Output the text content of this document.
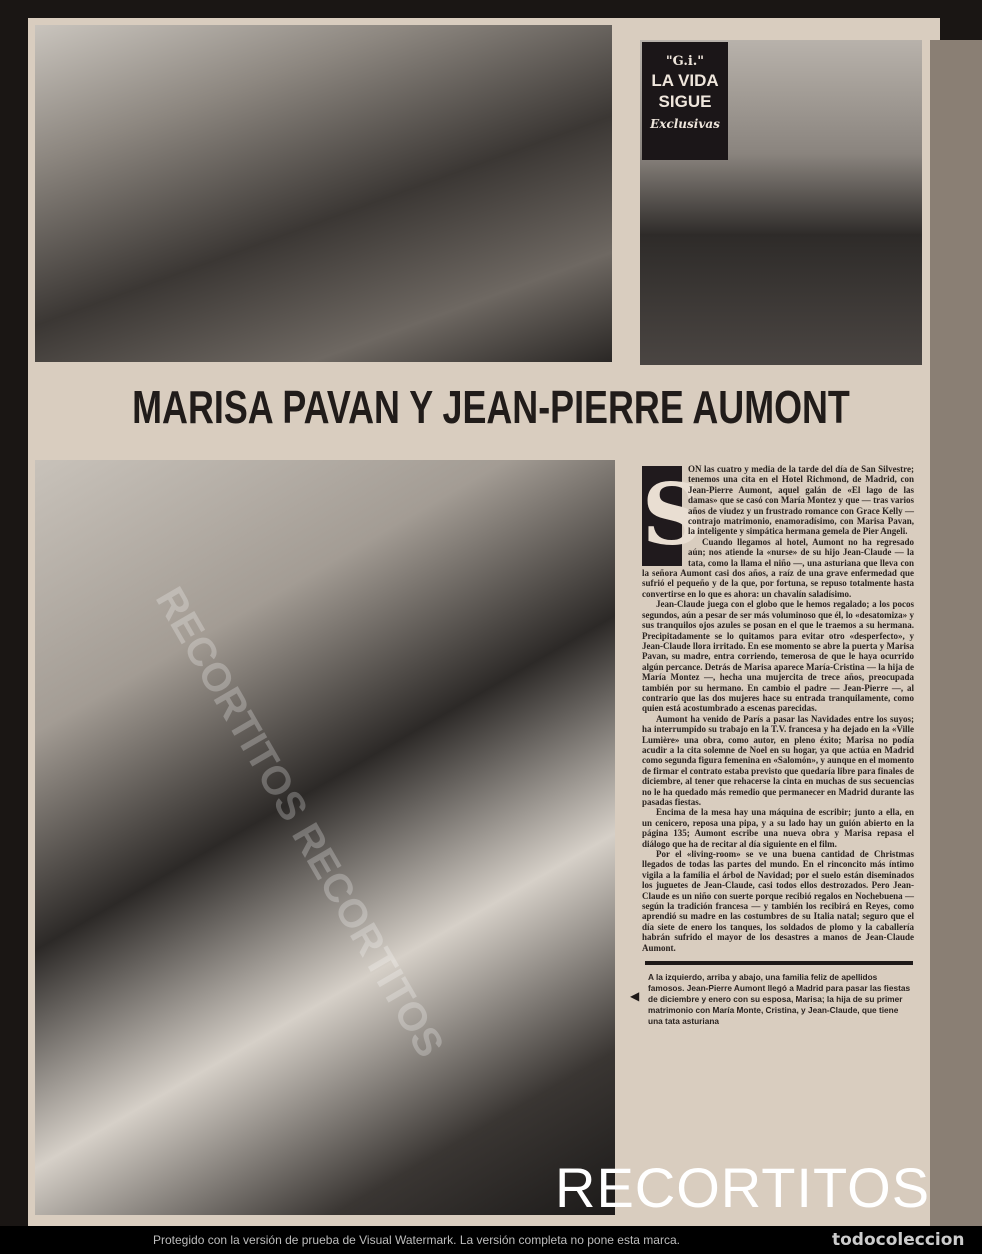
"G.i."
LA VIDA
SIGUE
Exclusivas
MARISA PAVAN Y JEAN-PIERRE AUMONT
RECORTITOS RECORTITOS
S

ON las cuatro y media de la tarde del día de San Silvestre; tenemos una cita en el Hotel Richmond, de Madrid, con Jean-Pierre Aumont, aquel galán de «El lago de las damas» que se casó con María Montez y que — tras varios años de viudez y un frustrado romance con Grace Kelly — contrajo matrimonio, enamoradísimo, con Marisa Pavan, la inteligente y simpática hermana gemela de Pier Angeli.

Cuando llegamos al hotel, Aumont no ha regresado aún; nos atiende la «nurse» de su hijo Jean-Claude — la tata, como la llama el niño —, una asturiana que lleva con la señora Aumont casi dos años, a raíz de una grave enfermedad que sufrió el pequeño y de la que, por fortuna, se repuso totalmente hasta convertirse en lo que es ahora: un chavalín saladísimo.

Jean-Claude juega con el globo que le hemos regalado; a los pocos segundos, aún a pesar de ser más voluminoso que él, lo «desatomiza» y sus tranquilos ojos azules se posan en el que le traemos a su hermana. Precipitadamente se lo quitamos para evitar otro «desperfecto», y Jean-Claude llora irritado. En ese momento se abre la puerta y Marisa Pavan, su madre, entra corriendo, temerosa de que le haya ocurrido algún percance. Detrás de Marisa aparece María-Cristina — la hija de María Montez —, hecha una mujercita de trece años, preocupada también por su hermano. En cambio el padre — Jean-Pierre —, al contrario que las dos mujeres hace su entrada tranquilamente, como quien está acostumbrado a escenas parecidas.

Aumont ha venido de París a pasar las Navidades entre los suyos; ha interrumpido su trabajo en la T.V. francesa y ha dejado en la «Ville Lumière» una obra, como autor, en pleno éxito; Marisa no podía acudir a la cita solemne de Noel en su hogar, ya que actúa en Madrid como segunda figura femenina en «Salomón», y aunque en el momento de firmar el contrato estaba previsto que quedaría libre para finales de diciembre, al tener que rehacerse la cinta en muchas de sus secuencias no le ha quedado más remedio que permanecer en Madrid durante las pasadas fiestas.

Encima de la mesa hay una máquina de escribir; junto a ella, en un cenicero, reposa una pipa, y a su lado hay un guión abierto en la página 135; Aumont escribe una nueva obra y Marisa repasa el diálogo que ha de recitar al día siguiente en el film.

Por el «living-room» se ve una buena cantidad de Christmas llegados de todas las partes del mundo. En el rinconcito más íntimo vigila a la familia el árbol de Navidad; por el suelo están diseminados los juguetes de Jean-Claude, casi todos ellos destrozados. Pero Jean-Claude es un niño con suerte porque recibió regalos en Nochebuena — según la tradición francesa — y también los recibirá en Reyes, como aprendió su madre en las costumbres de su Italia natal; seguro que el día siete de enero los tanques, los soldados de plomo y la caballería habrán sufrido el mayor de los desastres a manos de Jean-Claude Aumont.

◀
A la izquierdo, arriba y abajo, una familia feliz de apellidos famosos. Jean-Pierre Aumont llegó a Madrid para pasar las fiestas de diciembre y enero con su esposa, Marisa; la hija de su primer matrimonio con María Monte, Cristina, y Jean-Claude, que tiene una tata asturiana
RECORTITOS
Protegido con la versión de prueba de Visual Watermark. La versión completa no pone esta marca.	todocoleccion
